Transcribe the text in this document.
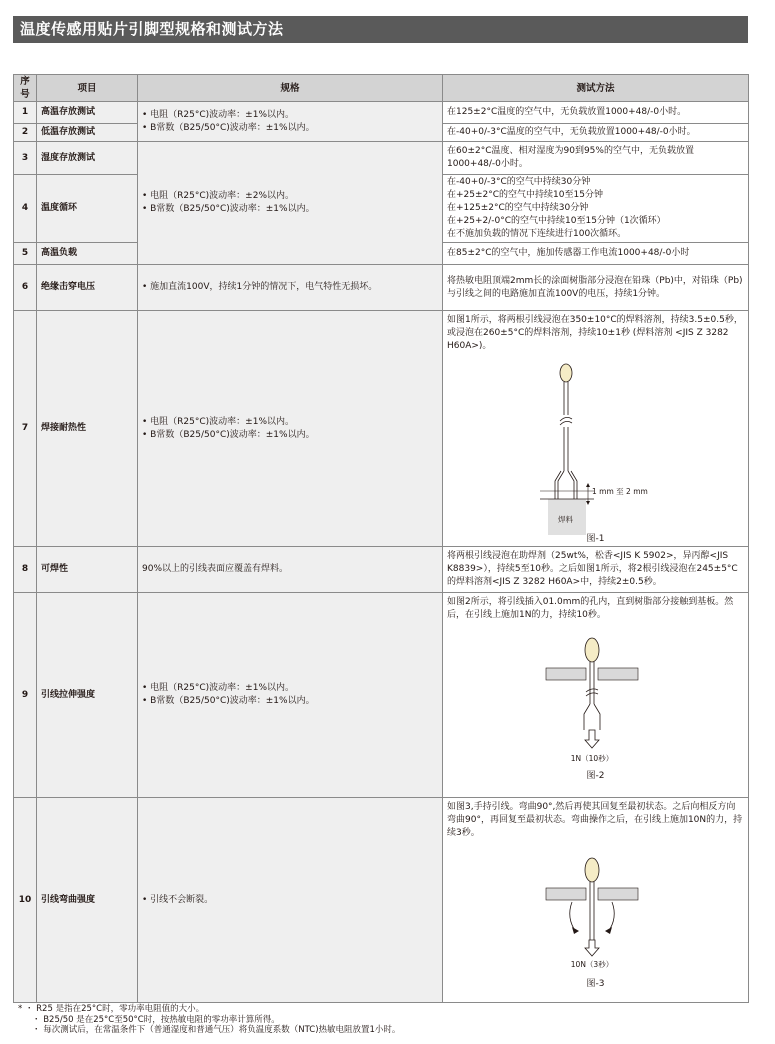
温度传感用贴片引脚型规格和测试方法
序号	项目	规格	测试方法
1	高温存放测试	• 电阻（R25°C)波动率：±1%以内。
• B常数（B25/50°C)波动率：±1%以内。	在125±2°C温度的空气中，无负载放置1000+48/-0小时。
2	低温存放测试		在-40+0/-3°C温度的空气中，无负载放置1000+48/-0小时。
3	湿度存放测试	• 电阻（R25°C)波动率：±2%以内。
• B常数（B25/50°C)波动率：±1%以内。	在60±2°C温度、相对湿度为90到95%的空气中，无负载放置1000+48/-0小时。
4	温度循环		在-40+0/-3°C的空气中持续30分钟
在+25±2°C的空气中持续10至15分钟
在+125±2°C的空气中持续30分钟
在+25+2/-0°C的空气中持续10至15分钟（1次循环）
在不施加负载的情况下连续进行100次循环。

5	高温负载		在85±2°C的空气中，施加传感器工作电流1000+48/-0小时
6	绝缘击穿电压	• 施加直流100V，持续1分钟的情况下，电气特性无损坏。	将热敏电阻顶端2mm长的涂面树脂部分浸泡在铅珠（Pb)中，对铅珠（Pb)与引线之间的电路施加直流100V的电压，持续1分钟。
7	焊接耐热性	• 电阻（R25°C)波动率：±1%以内。
• B常数（B25/50°C)波动率：±1%以内。	如图1所示，将两根引线浸泡在350±10°C的焊料溶剂，持续3.5±0.5秒，或浸泡在260±5°C的焊料溶剂，持续10±1秒 (焊料溶剂 <JIS Z 3282 H60A>)。
1 mm 至 2 mm
焊料
图-1

8	可焊性	90%以上的引线表面应覆盖有焊料。	将两根引线浸泡在助焊剂（25wt%，松香<JIS K 5902>，异丙醇<JIS K8839>），持续5至10秒。之后如图1所示，将2根引线浸泡在245±5°C的焊料溶剂<JIS Z 3282 H60A>中，持续2±0.5秒。
9	引线拉伸强度	• 电阻（R25°C)波动率：±1%以内。
• B常数（B25/50°C)波动率：±1%以内。	如图2所示，将引线插入01.0mm的孔内，直到树脂部分接触到基板。然后，在引线上施加1N的力，持续10秒。
1N（10秒）
图-2

10	引线弯曲强度	• 引线不会断裂。	如图3,手持引线。弯曲90°,然后再使其回复至最初状态。之后向相反方向弯曲90°，再回复至最初状态。弯曲操作之后，在引线上施加10N的力，持续3秒。
10N（3秒）
图-3
* ・ R25 是指在25°C时，零功率电阻值的大小。
・ B25/50 是在25°C至50°C时，按热敏电阻的零功率计算所得。
・ 每次测试后，在常温条件下（普通湿度和普通气压）将负温度系数（NTC)热敏电阻放置1小时。
